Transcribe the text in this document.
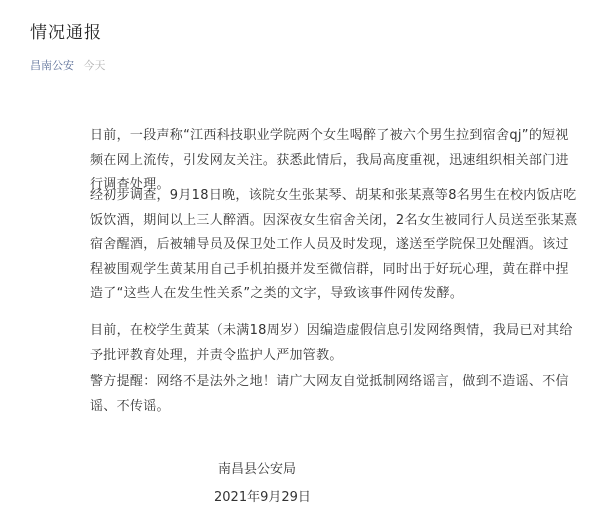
情况通报
昌南公安 今天

日前，一段声称“江西科技职业学院两个女生喝醉了被六个男生拉到宿舍qj”的短视频在网上流传，引发网友关注。获悉此情后，我局高度重视，迅速组织相关部门进行调查处理。

经初步调查，9月18日晚，该院女生张某琴、胡某和张某熹等8名男生在校内饭店吃饭饮酒，期间以上三人醉酒。因深夜女生宿舍关闭，2名女生被同行人员送至张某熹宿舍醒酒，后被辅导员及保卫处工作人员及时发现，遂送至学院保卫处醒酒。该过程被围观学生黄某用自己手机拍摄并发至微信群，同时出于好玩心理，黄在群中捏造了“这些人在发生性关系”之类的文字，导致该事件网传发酵。

目前，在校学生黄某（未满18周岁）因编造虚假信息引发网络舆情，我局已对其给予批评教育处理，并责令监护人严加管教。

警方提醒：网络不是法外之地！请广大网友自觉抵制网络谣言，做到不造谣、不信谣、不传谣。

南昌县公安局
2021年9月29日
